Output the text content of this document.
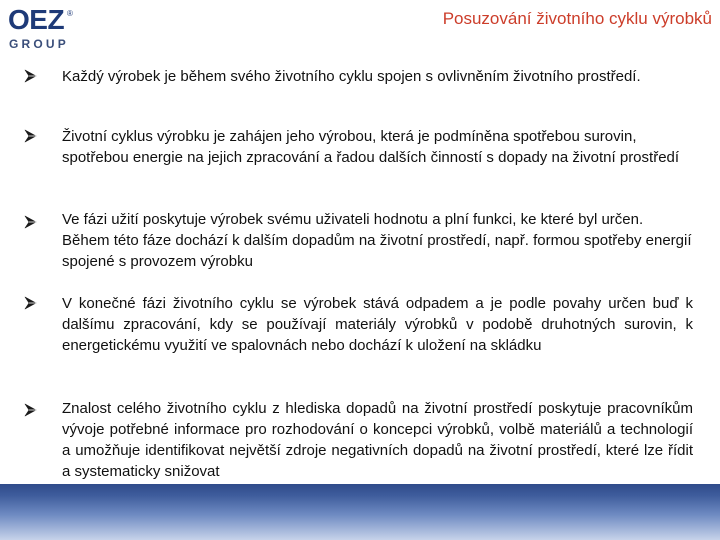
OEZ ®
GROUP
Posuzování životního cyklu výrobků
Každý výrobek je během svého životního cyklu spojen s ovlivněním životního prostředí.
Životní cyklus výrobku je zahájen jeho výrobou, která je podmíněna spotřebou surovin, spotřebou energie na jejich zpracování a řadou dalších činností s dopady na životní prostředí
Ve fázi užití poskytuje výrobek svému uživateli hodnotu a plní funkci, ke které byl určen. Během této fáze dochází k dalším dopadům na životní prostředí, např. formou spotřeby energií spojené s provozem výrobku
V konečné fázi životního cyklu se výrobek stává odpadem a je podle povahy určen buď k dalšímu zpracování, kdy se používají materiály výrobků v podobě druhotných surovin, k energetickému využití ve spalovnách nebo dochází k uložení na skládku
Znalost celého životního cyklu z hlediska dopadů na životní prostředí poskytuje pracovníkům vývoje potřebné informace pro rozhodování o koncepci výrobků, volbě materiálů a technologií a umožňuje identifikovat největší zdroje negativních dopadů na životní prostředí, které lze řídit a systematicky snižovat
